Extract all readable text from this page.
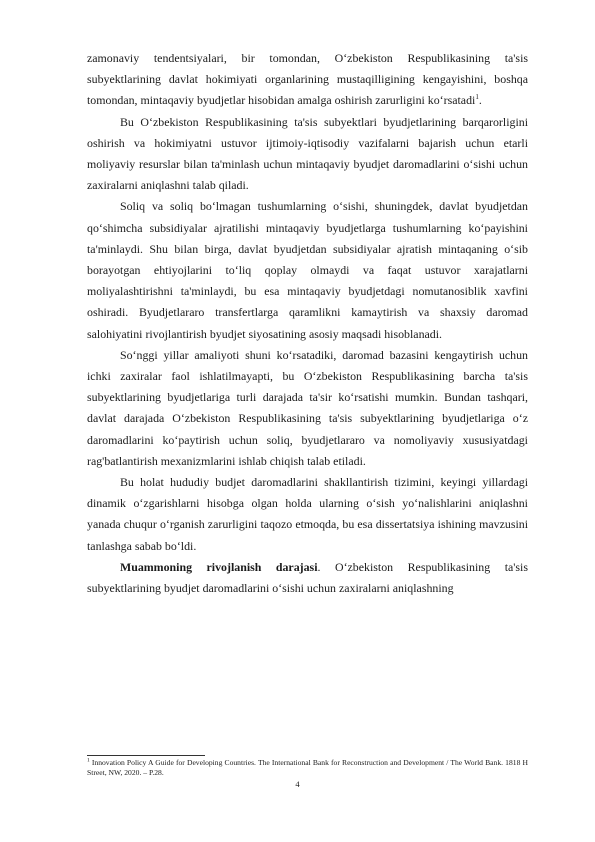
zamonaviy tendentsiyalari, bir tomondan, O‘zbekiston Respublikasining ta'sis subyektlarining davlat hokimiyati organlarining mustaqilligining kengayishini, boshqa tomondan, mintaqaviy byudjetlar hisobidan amalga oshirish zarurligini ko‘rsatadi$^1$.

Bu O‘zbekiston Respublikasining ta'sis subyektlari byudjetlarining barqarorligini oshirish va hokimiyatni ustuvor ijtimoiy-iqtisodiy vazifalarni bajarish uchun etarli moliyaviy resurslar bilan ta'minlash uchun mintaqaviy byudjet daromadlarini o‘sishi uchun zaxiralarni aniqlashni talab qiladi.

Soliq va soliq bo‘lmagan tushumlarning o‘sishi, shuningdek, davlat byudjetdan qo‘shimcha subsidiyalar ajratilishi mintaqaviy byudjetlarga tushumlarning ko‘payishini ta'minlaydi. Shu bilan birga, davlat byudjetdan subsidiyalar ajratish mintaqaning o‘sib borayotgan ehtiyojlarini to‘liq qoplay olmaydi va faqat ustuvor xarajatlarni moliyalashtirishni ta'minlaydi, bu esa mintaqaviy byudjetdagi nomutanosiblik xavfini oshiradi. Byudjetlararo transfertlarga qaramlikni kamaytirish va shaxsiy daromad salohiyatini rivojlantirish byudjet siyosatining asosiy maqsadi hisoblanadi.

So‘nggi yillar amaliyoti shuni ko‘rsatadiki, daromad bazasini kengaytirish uchun ichki zaxiralar faol ishlatilmayapti, bu O‘zbekiston Respublikasining barcha ta'sis subyektlarining byudjetlariga turli darajada ta'sir ko‘rsatishi mumkin. Bundan tashqari, davlat darajada O‘zbekiston Respublikasining ta'sis subyektlarining byudjetlariga o‘z daromadlarini ko‘paytirish uchun soliq, byudjetlararo va nomoliyaviy xususiyatdagi rag'batlantirish mexanizmlarini ishlab chiqish talab etiladi.

Bu holat hududiy budjet daromadlarini shakllantirish tizimini, keyingi yillardagi dinamik o‘zgarishlarni hisobga olgan holda ularning o‘sish yo‘nalishlarini aniqlashni yanada chuqur o‘rganish zarurligini taqozo etmoqda, bu esa dissertatsiya ishining mavzusini tanlashga sabab bo‘ldi.

Muammoning rivojlanish darajasi. O‘zbekiston Respublikasining ta'sis subyektlarining byudjet daromadlarini o‘sishi uchun zaxiralarni aniqlashning

$^1$ Innovation Policy A Guide for Developing Countries. The International Bank for Reconstruction and Development / The World Bank. 1818 H Street, NW, 2020. – P.28.
4
